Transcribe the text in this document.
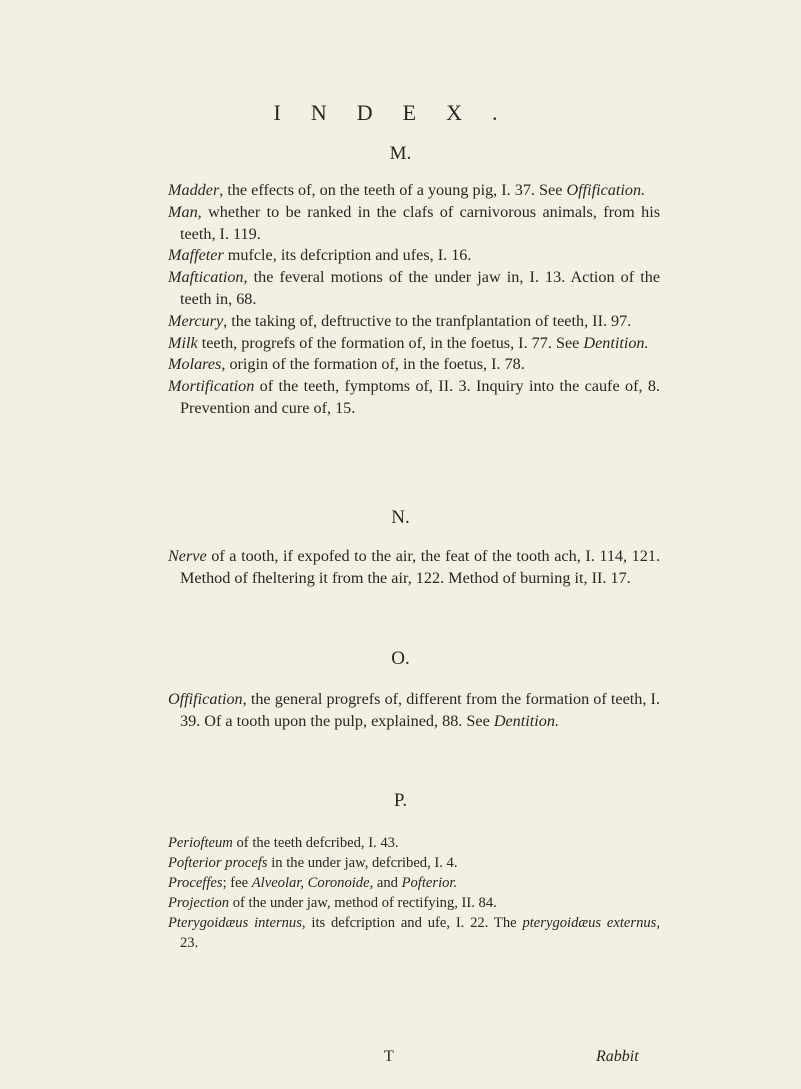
INDEX.
M.

Madder, the effects of, on the teeth of a young pig, I. 37. See Offification.

Man, whether to be ranked in the clafs of carnivorous animals, from his teeth, I. 119.

Maffeter mufcle, its defcription and ufes, I. 16.

Maftication, the feveral motions of the under jaw in, I. 13. Action of the teeth in, 68.

Mercury, the taking of, deftructive to the tranfplantation of teeth, II. 97.

Milk teeth, progrefs of the formation of, in the foetus, I. 77. See Dentition.

Molares, origin of the formation of, in the foetus, I. 78.

Mortification of the teeth, fymptoms of, II. 3. Inquiry into the caufe of, 8. Prevention and cure of, 15.

N.

Nerve of a tooth, if expofed to the air, the feat of the tooth ach, I. 114, 121. Method of fheltering it from the air, 122. Method of burning it, II. 17.

O.

Offification, the general progrefs of, different from the formation of teeth, I. 39. Of a tooth upon the pulp, explained, 88. See Dentition.

P.

Periofteum of the teeth defcribed, I. 43.

Pofterior procefs in the under jaw, defcribed, I. 4.

Proceffes; fee Alveolar, Coronoide, and Pofterior.

Projection of the under jaw, method of rectifying, II. 84.

Pterygoidæus internus, its defcription and ufe, I. 22. The pterygoidæus externus, 23.

T	Rabbit
